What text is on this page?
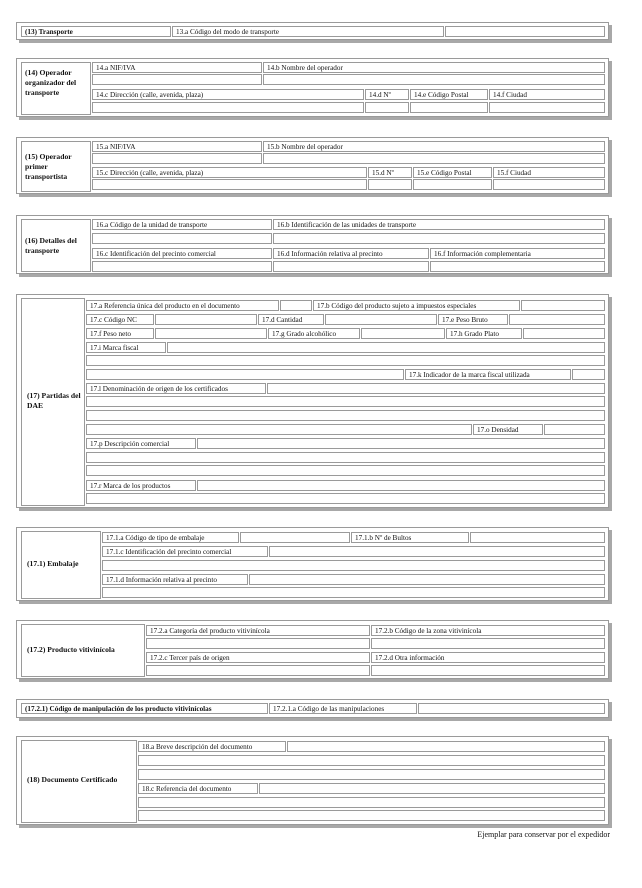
(13) Transporte	13.a Código del modo de transporte
(14) Operador organizador del transporte
14.a NIF/IVA	14.b Nombre del operador
14.c Dirección (calle, avenida, plaza)	14.d Nº	14.e Código Postal	14.f Ciudad
(15) Operador primer transportista
15.a NIF/IVA	15.b Nombre del operador
15.c Dirección (calle, avenida, plaza)	15.d Nº	15.e Código Postal	15.f Ciudad
(16) Detalles del transporte
16.a Código de la unidad de transporte	16.b Identificación de las unidades de transporte
16.c Identificación del precinto comercial	16.d Información relativa al precinto	16.f Información complementaria
(17) Partidas del DAE
17.a Referencia única del producto en el documento	17.b Código del producto sujeto a impuestos especiales
17.c Código NC	17.d Cantidad	17.e Peso Bruto
17.f Peso neto	17.g Grado alcohólico	17.h Grado Plato
17.i Marca fiscal
17.k Indicador de la marca fiscal utilizada
17.l Denominación de origen de los certificados
17.o Densidad
17.p Descripción comercial
17.r Marca de los productos
(17.1) Embalaje
17.1.a Código de tipo de embalaje	17.1.b Nº de Bultos
17.1.c Identificación del precinto comercial
17.1.d Información relativa al precinto
(17.2) Producto vitivinícola
17.2.a Categoría del producto vitivinícola	17.2.b Código de la zona vitivinícola
17.2.c Tercer país de origen	17.2.d Otra información
(17.2.1) Código de manipulación de los producto vitivinícolas	17.2.1.a Código de las manipulaciones
(18) Documento Certificado
18.a Breve descripción del documento
18.c Referencia del documento
Ejemplar para conservar por el expedidor
